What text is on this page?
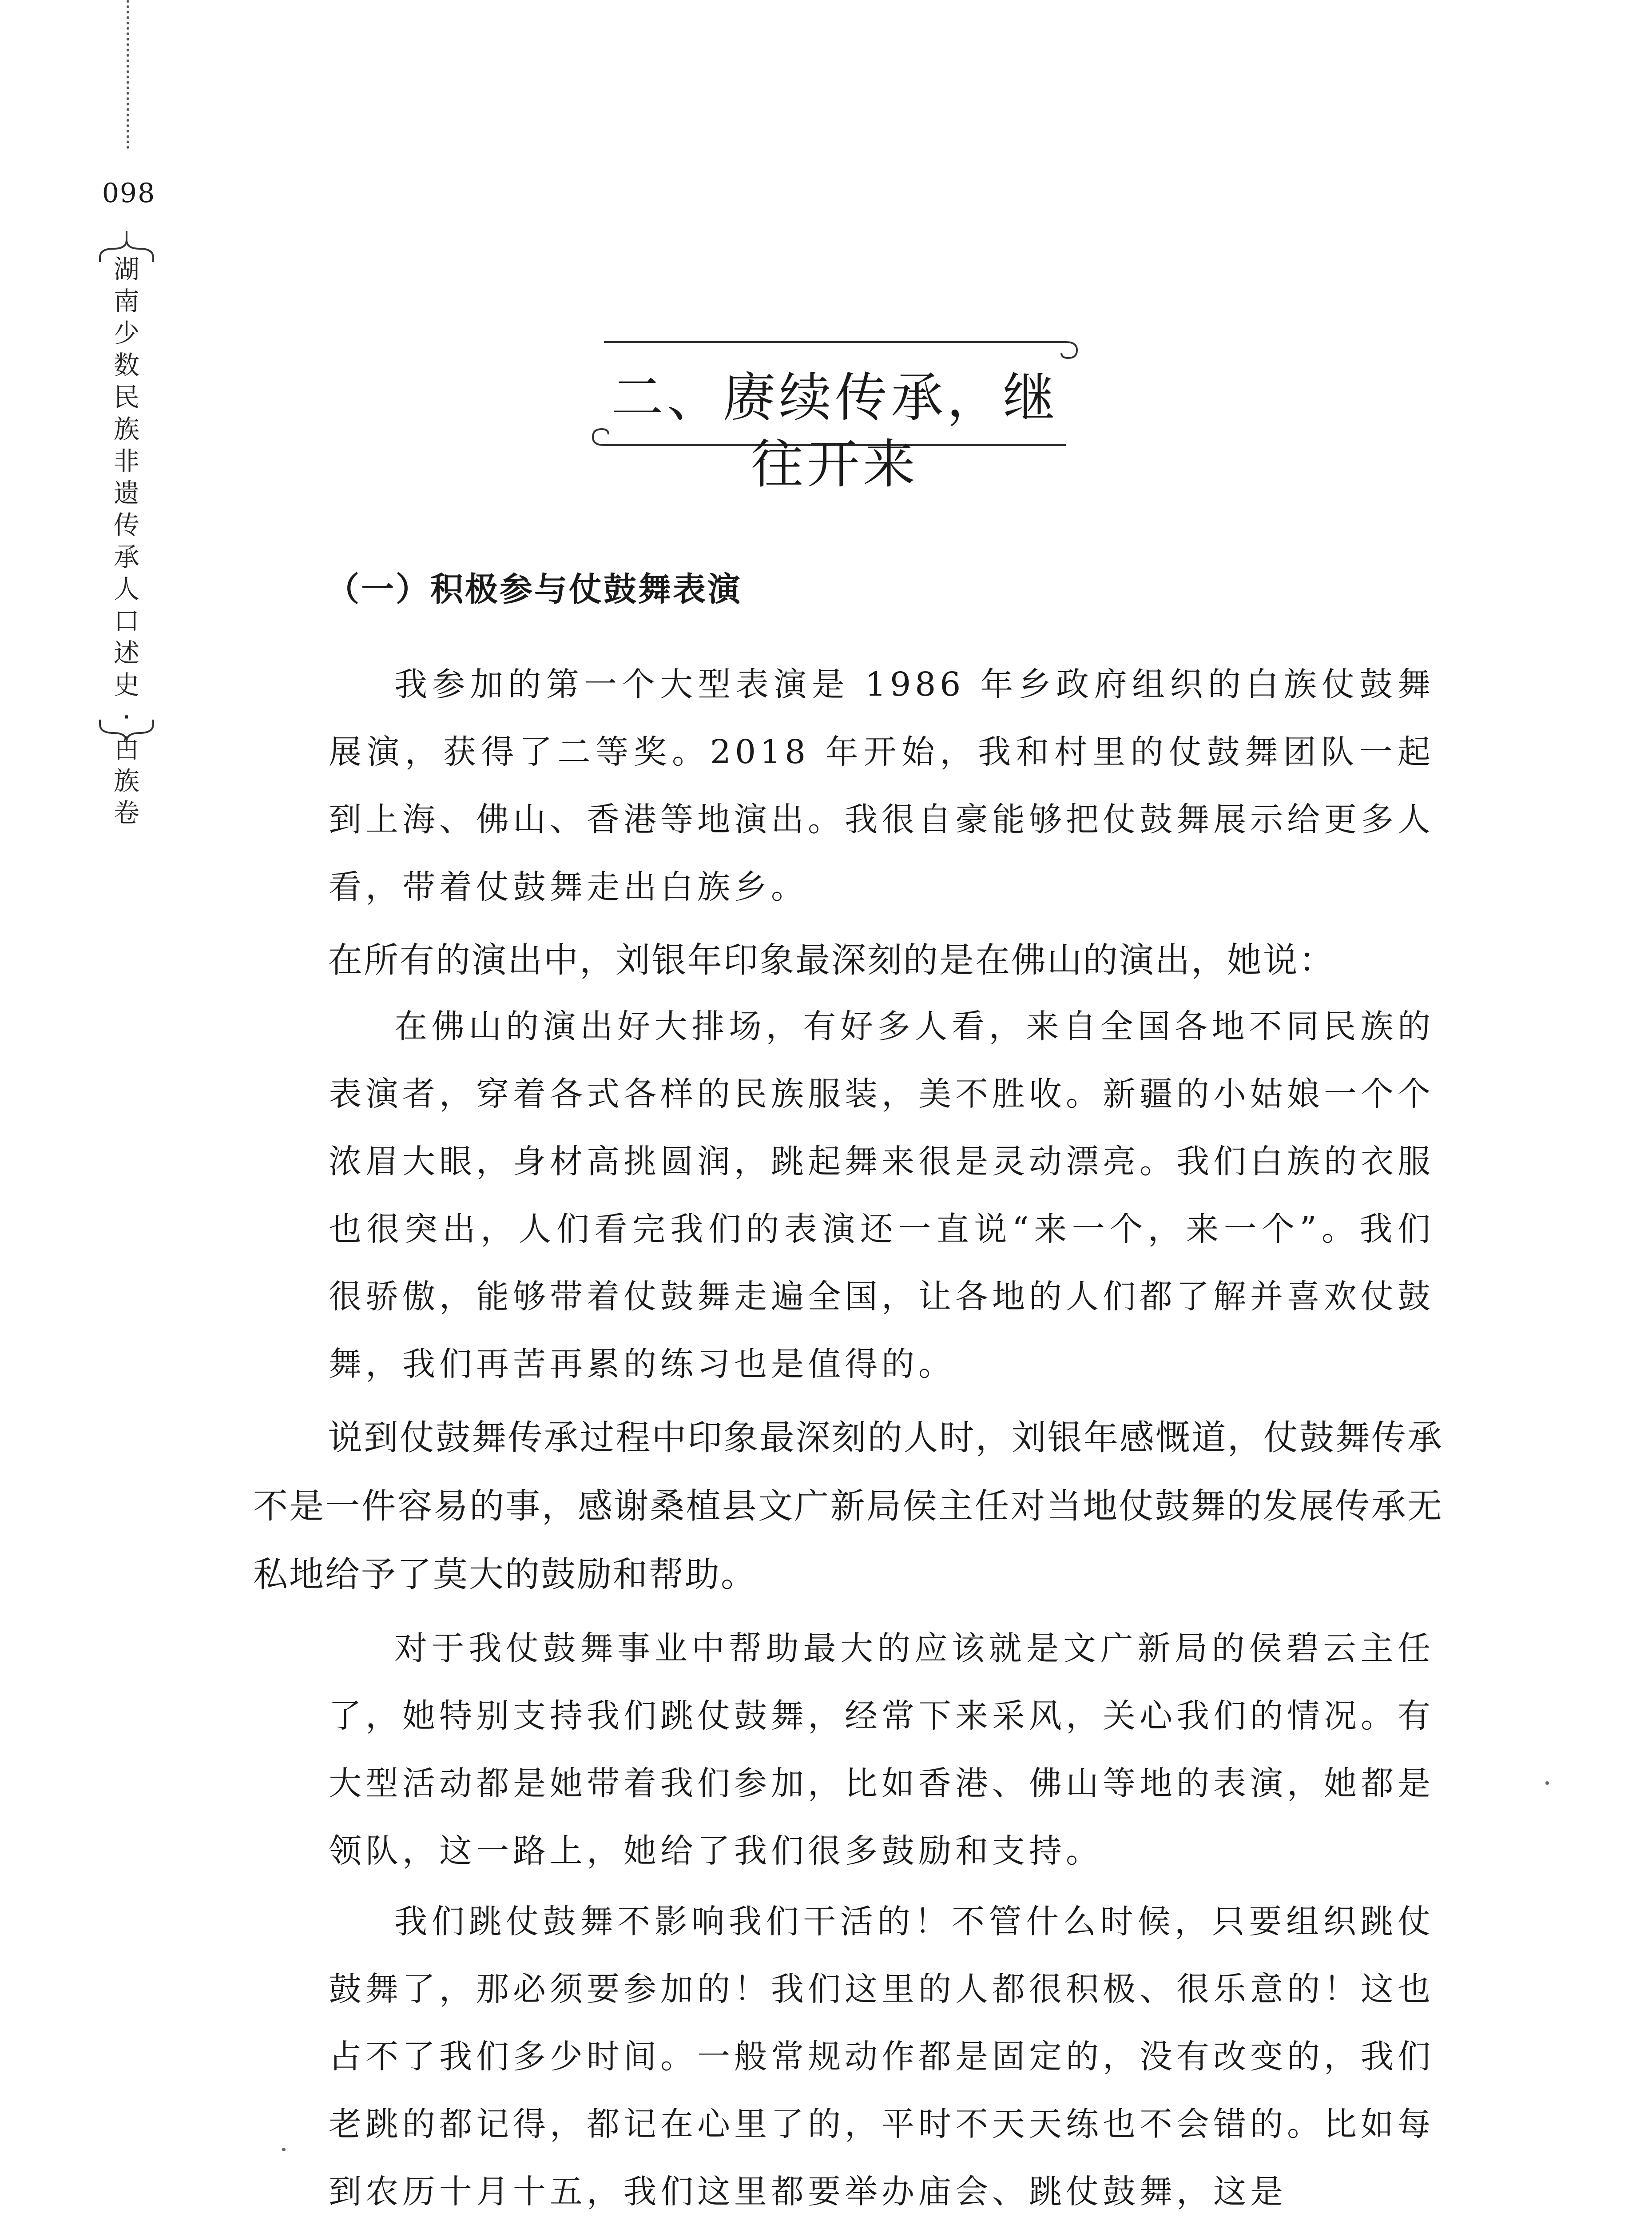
098
湖南少数民族非遗传承人口述史·白族卷
二、赓续传承，继往开来
（一）积极参与仗鼓舞表演

我参加的第一个大型表演是 1986 年乡政府组织的白族仗鼓舞展演，获得了二等奖。2018 年开始，我和村里的仗鼓舞团队一起到上海、佛山、香港等地演出。我很自豪能够把仗鼓舞展示给更多人看，带着仗鼓舞走出白族乡。

在所有的演出中，刘银年印象最深刻的是在佛山的演出，她说：

在佛山的演出好大排场，有好多人看，来自全国各地不同民族的表演者，穿着各式各样的民族服装，美不胜收。新疆的小姑娘一个个浓眉大眼，身材高挑圆润，跳起舞来很是灵动漂亮。我们白族的衣服也很突出，人们看完我们的表演还一直说“来一个，来一个”。我们很骄傲，能够带着仗鼓舞走遍全国，让各地的人们都了解并喜欢仗鼓舞，我们再苦再累的练习也是值得的。

说到仗鼓舞传承过程中印象最深刻的人时，刘银年感慨道，仗鼓舞传承不是一件容易的事，感谢桑植县文广新局侯主任对当地仗鼓舞的发展传承无私地给予了莫大的鼓励和帮助。

对于我仗鼓舞事业中帮助最大的应该就是文广新局的侯碧云主任了，她特别支持我们跳仗鼓舞，经常下来采风，关心我们的情况。有大型活动都是她带着我们参加，比如香港、佛山等地的表演，她都是领队，这一路上，她给了我们很多鼓励和支持。

我们跳仗鼓舞不影响我们干活的！不管什么时候，只要组织跳仗鼓舞了，那必须要参加的！我们这里的人都很积极、很乐意的！这也占不了我们多少时间。一般常规动作都是固定的，没有改变的，我们老跳的都记得，都记在心里了的，平时不天天练也不会错的。比如每到农历十月十五，我们这里都要举办庙会、跳仗鼓舞，这是
